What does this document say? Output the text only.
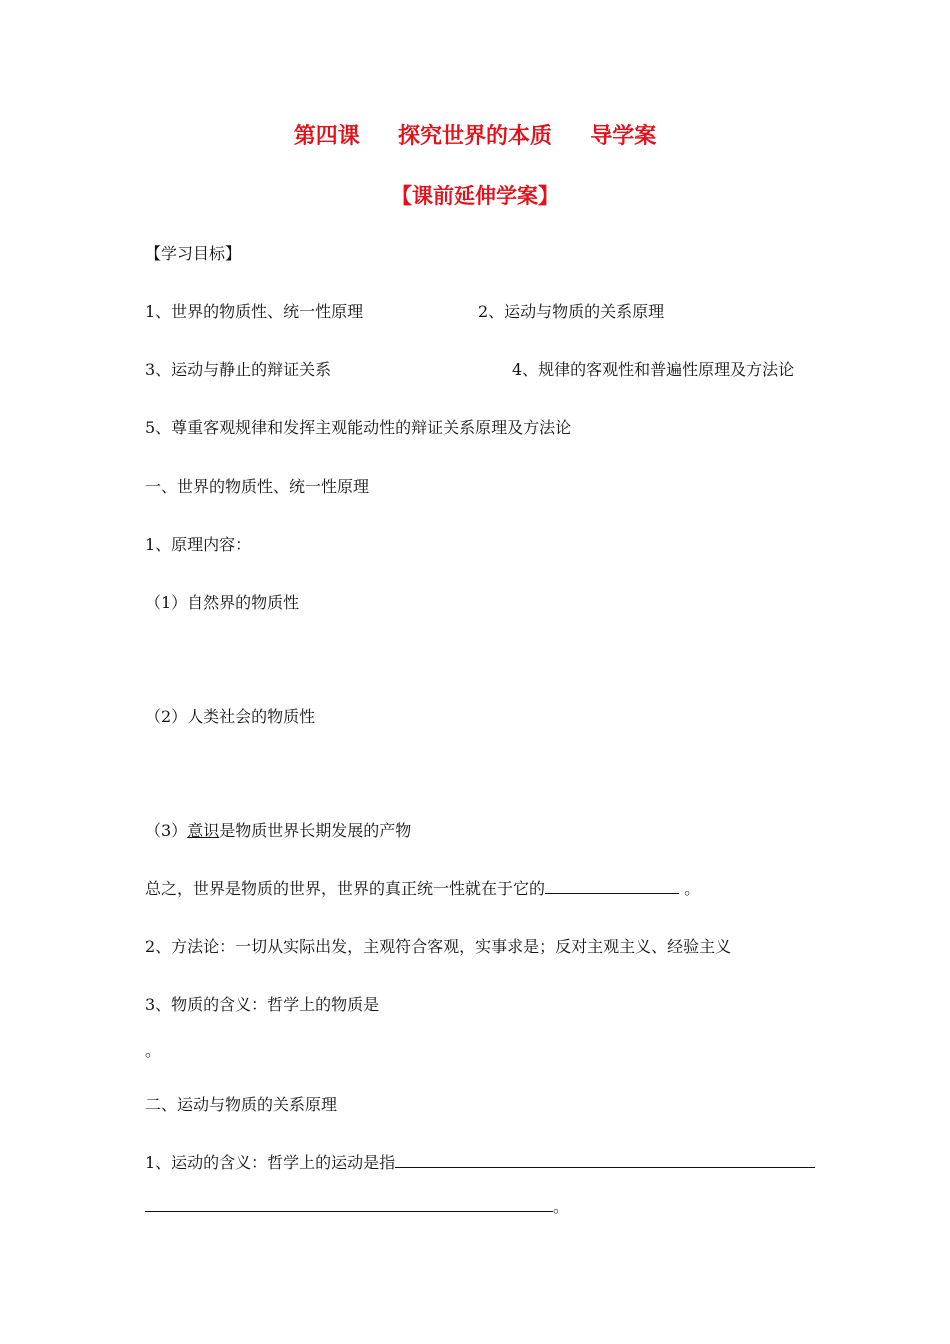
第四课     探究世界的本质     导学案
【课前延伸学案】
【学习目标】
1、世界的物质性、统一性原理	2、运动与物质的关系原理
3、运动与静止的辩证关系	4、规律的客观性和普遍性原理及方法论
5、尊重客观规律和发挥主观能动性的辩证关系原理及方法论
一、世界的物质性、统一性原理
1、原理内容：
（1）自然界的物质性
（2）人类社会的物质性
（3）意识是物质世界长期发展的产物
总之，世界是物质的世界，世界的真正统一性就在于它的	。
2、方法论：一切从实际出发，主观符合客观，实事求是；反对主观主义、经验主义
3、物质的含义：哲学上的物质是
。
二、运动与物质的关系原理
1、运动的含义：哲学上的运动是指
。
